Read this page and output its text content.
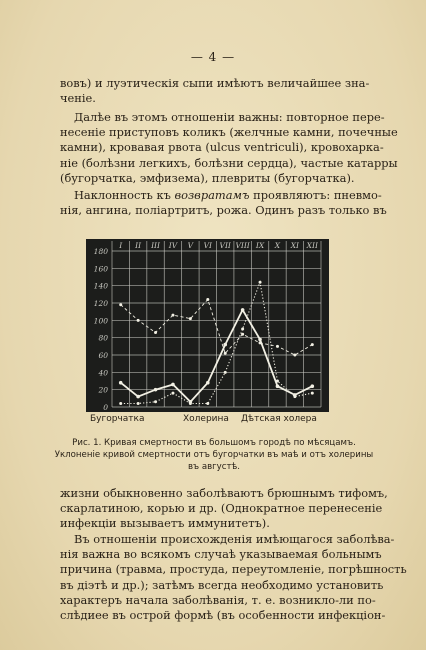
— 4 —
вовъ) и луэтическія сыпи имѣютъ величайшее зна-
ченіе.
Далѣе въ этомъ отношеніи важны: повторное пере-
несеніе приступовъ коликъ (желчные камни, почечные
камни), кровавая рвота (ulcus ventriculi), кровохарка-
ніе (болѣзни легкихъ, болѣзни сердца), частые катарры
(бугорчатка, эмфизема), плевриты (бугорчатка).
Наклонность къ возвратамъ проявляютъ: пневмо-
нія, ангина, поліартритъ, рожа. Одинъ разъ только въ
0
20
40
60
80
100
120
140
160
180
I II III IV V VI VII VIII IX X XI XII
Бугорчатка	Холерина Дѣтская холера
Рис. 1. Кривая смертности въ большомъ городѣ по мѣсяцамъ.
Уклоненіе кривой смертности отъ бугорчатки въ маѣ и отъ холерины
въ августѣ.
жизни обыкновенно заболѣваютъ брюшнымъ тифомъ,
скарлатиною, корью и др. (Однократное перенесеніе
инфекціи вызываетъ иммунитетъ).
Въ отношеніи происхожденія имѣющагося заболѣва-
нія важна во всякомъ случаѣ указываемая больнымъ
причина (травма, простуда, переутомленіе, погрѣшность
въ діэтѣ и др.); затѣмъ всегда необходимо установить
характеръ начала заболѣванія, т. е. возникло-ли по-
слѣдиее въ острой формѣ (въ особенности инфекціон-
